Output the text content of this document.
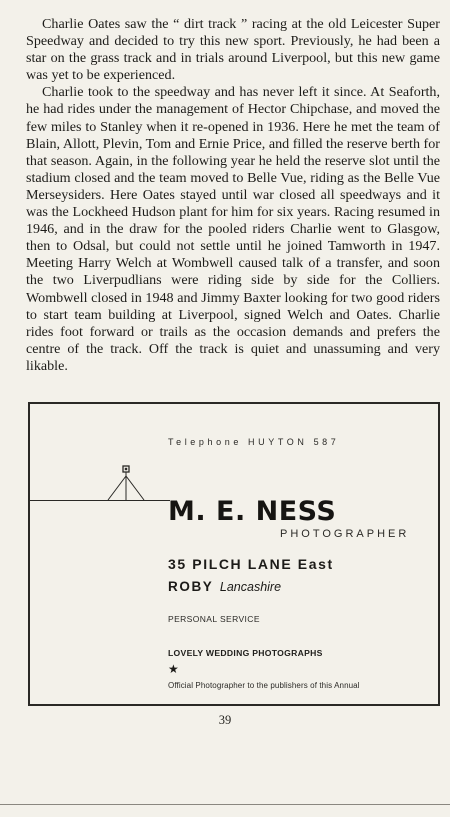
Charlie Oates saw the “ dirt track ” racing at the old Leicester Super Speedway and decided to try this new sport. Previously, he had been a star on the grass track and in trials around Liverpool, but this new game was yet to be experienced.

Charlie took to the speedway and has never left it since. At Seaforth, he had rides under the management of Hector Chipchase, and moved the few miles to Stanley when it re-opened in 1936. Here he met the team of Blain, Allott, Plevin, Tom and Ernie Price, and filled the reserve berth for that season. Again, in the following year he held the reserve slot until the stadium closed and the team moved to Belle Vue, riding as the Belle Vue Merseysiders. Here Oates stayed until war closed all speedways and it was the Lockheed Hudson plant for him for six years. Racing resumed in 1946, and in the draw for the pooled riders Charlie went to Glasgow, then to Odsal, but could not settle until he joined Tamworth in 1947. Meeting Harry Welch at Wombwell caused talk of a transfer, and soon the two Liverpudlians were riding side by side for the Colliers. Wombwell closed in 1948 and Jimmy Baxter looking for two good riders to start team building at Liverpool, signed Welch and Oates. Charlie rides foot forward or trails as the occasion demands and prefers the centre of the track. Off the track is quiet and unassuming and very likable.

Telephone HUYTON 587
M. E. NESS
PHOTOGRAPHER
35 PILCH LANE East
ROBY Lancashire
PERSONAL SERVICE
LOVELY WEDDING PHOTOGRAPHS
★
Official Photographer to the publishers of this Annual
39
